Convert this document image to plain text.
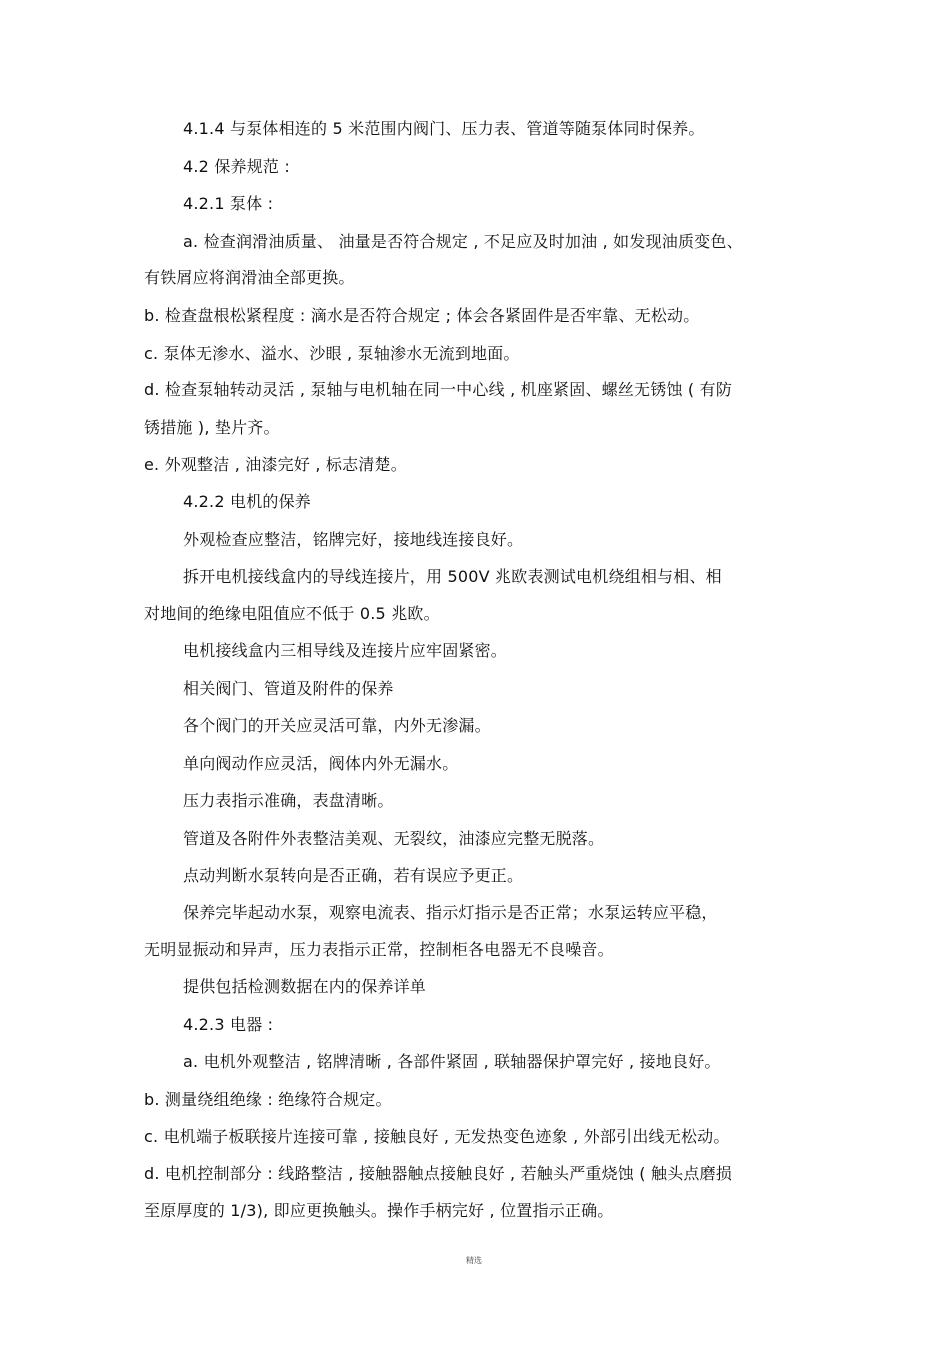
4.1.4 与泵体相连的 5 米范围内阀门、压力表、管道等随泵体同时保养。
4.2 保养规范 :
4.2.1 泵体 :
a. 检查润滑油质量、 油量是否符合规定 , 不足应及时加油 , 如发现油质变色、
有铁屑应将润滑油全部更换。
b. 检查盘根松紧程度 : 滴水是否符合规定 ; 体会各紧固件是否牢靠、无松动。
c. 泵体无渗水、溢水、沙眼 , 泵轴渗水无流到地面。
d. 检查泵轴转动灵活 , 泵轴与电机轴在同一中心线 , 机座紧固、螺丝无锈蚀 ( 有防
锈措施 ), 垫片齐。
e. 外观整洁 , 油漆完好 , 标志清楚。
4.2.2 电机的保养
外观检查应整洁，铭牌完好，接地线连接良好。
拆开电机接线盒内的导线连接片，用 500V 兆欧表测试电机绕组相与相、相
对地间的绝缘电阻值应不低于 0.5 兆欧。
电机接线盒内三相导线及连接片应牢固紧密。
相关阀门、管道及附件的保养
各个阀门的开关应灵活可靠，内外无渗漏。
单向阀动作应灵活，阀体内外无漏水。
压力表指示准确，表盘清晰。
管道及各附件外表整洁美观、无裂纹，油漆应完整无脱落。
点动判断水泵转向是否正确，若有误应予更正。
保养完毕起动水泵，观察电流表、指示灯指示是否正常；水泵运转应平稳，
无明显振动和异声，压力表指示正常，控制柜各电器无不良噪音。
提供包括检测数据在内的保养详单
4.2.3 电器 :
a. 电机外观整洁 , 铭牌清晰 , 各部件紧固 , 联轴器保护罩完好 , 接地良好。
b. 测量绕组绝缘 : 绝缘符合规定。
c. 电机端子板联接片连接可靠 , 接触良好 , 无发热变色迹象 , 外部引出线无松动。
d. 电机控制部分 : 线路整洁 , 接触器触点接触良好 , 若触头严重烧蚀 ( 触头点磨损
至原厚度的 1/3), 即应更换触头。操作手柄完好 , 位置指示正确。
精选
